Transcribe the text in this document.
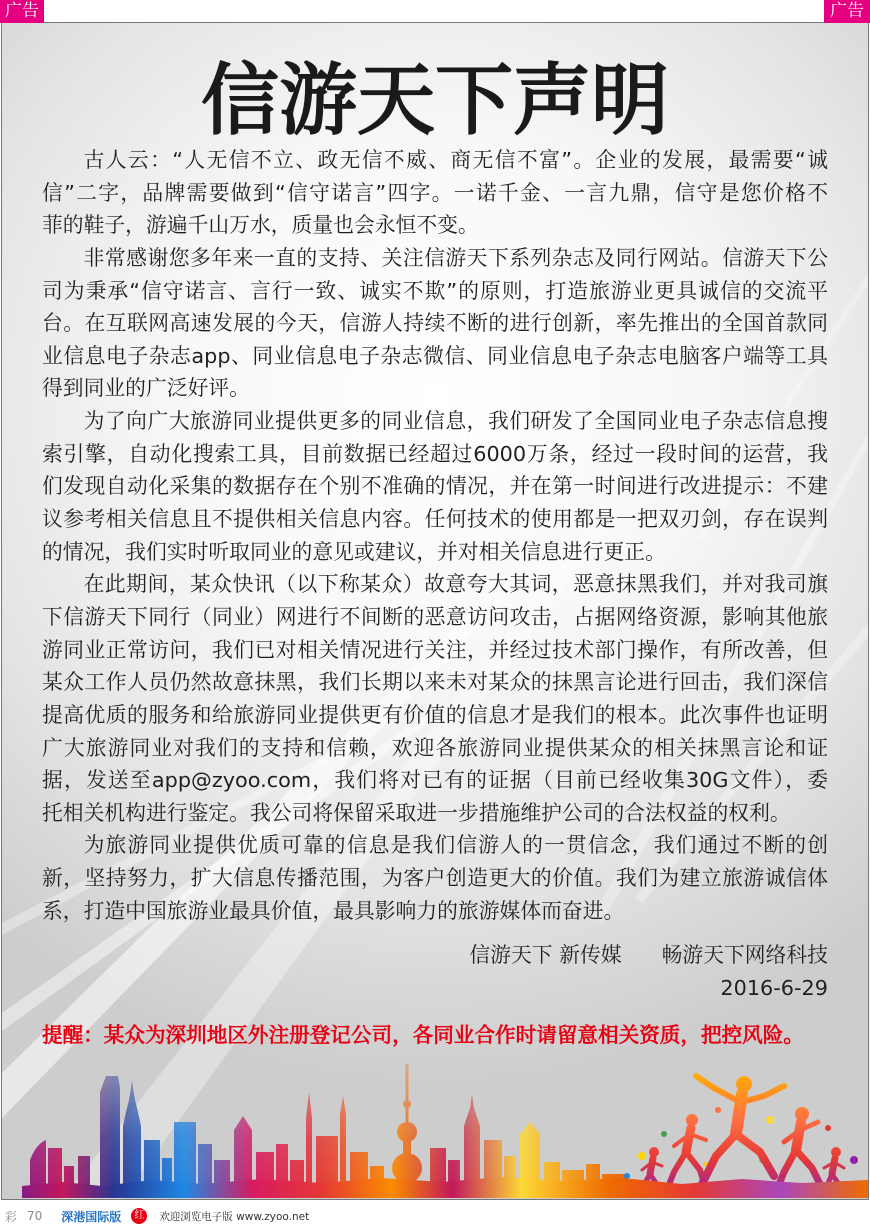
广告	广告
信游天下声明
古人云：“人无信不立、政无信不威、商无信不富”。企业的发展，最需要“诚
信”二字，品牌需要做到“信守诺言”四字。一诺千金、一言九鼎，信守是您价格不
菲的鞋子，游遍千山万水，质量也会永恒不变。
非常感谢您多年来一直的支持、关注信游天下系列杂志及同行网站。信游天下公
司为秉承“信守诺言、言行一致、诚实不欺”的原则，打造旅游业更具诚信的交流平
台。在互联网高速发展的今天，信游人持续不断的进行创新，率先推出的全国首款同
业信息电子杂志app、同业信息电子杂志微信、同业信息电子杂志电脑客户端等工具
得到同业的广泛好评。
为了向广大旅游同业提供更多的同业信息，我们研发了全国同业电子杂志信息搜
索引擎，自动化搜索工具，目前数据已经超过6000万条，经过一段时间的运营，我
们发现自动化采集的数据存在个别不准确的情况，并在第一时间进行改进提示：不建
议参考相关信息且不提供相关信息内容。任何技术的使用都是一把双刃剑，存在误判
的情况，我们实时听取同业的意见或建议，并对相关信息进行更正。
在此期间，某众快讯（以下称某众）故意夸大其词，恶意抹黑我们，并对我司旗
下信游天下同行（同业）网进行不间断的恶意访问攻击，占据网络资源，影响其他旅
游同业正常访问，我们已对相关情况进行关注，并经过技术部门操作，有所改善，但
某众工作人员仍然故意抹黑，我们长期以来未对某众的抹黑言论进行回击，我们深信
提高优质的服务和给旅游同业提供更有价值的信息才是我们的根本。此次事件也证明
广大旅游同业对我们的支持和信赖，欢迎各旅游同业提供某众的相关抹黑言论和证
据，发送至app@zyoo.com，我们将对已有的证据（目前已经收集30G文件），委
托相关机构进行鉴定。我公司将保留采取进一步措施维护公司的合法权益的权利。
为旅游同业提供优质可靠的信息是我们信游人的一贯信念，我们通过不断的创
新，坚持努力，扩大信息传播范围，为客户创造更大的价值。我们为建立旅游诚信体
系，打造中国旅游业最具价值，最具影响力的旅游媒体而奋进。
信游天下 新传媒 畅游天下网络科技
2016-6-29
提醒：某众为深圳地区外注册登记公司，各同业合作时请留意相关资质，把控风险。
彩 70 深港国际版	红 欢迎浏览电子版 www.zyoo.net
